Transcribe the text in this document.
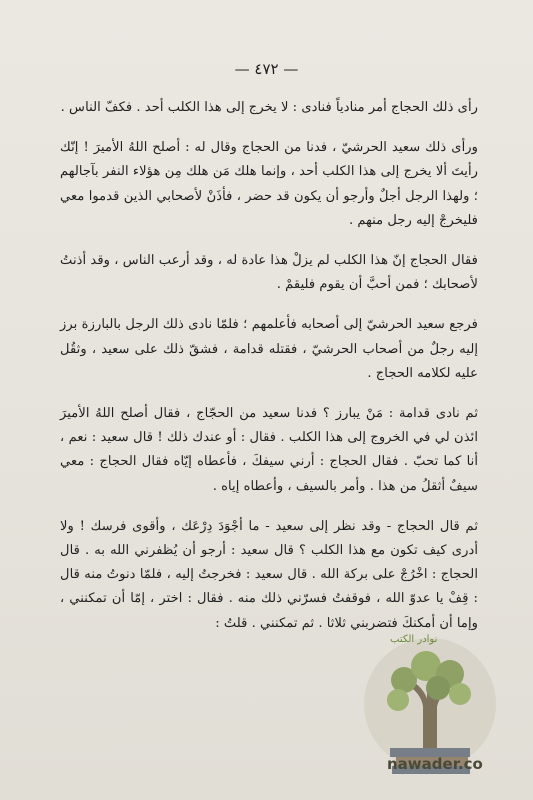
— ٤٧٢ —

رأى ذلك الحجاج أمر منادياً فنادى : لا يخرج إلى هذا الكلب أحد . فكفّ الناس .

ورأى ذلك سعيد الحرشيّ ، فدنا من الحجاج وقال له : أصلح اللهُ الأميرَ ! إنّك رأيتَ ألا يخرج إلى هذا الكلب أحد ، وإنما هلك مَن هلك مِن هؤلاء النفر بآجالهم ؛ ولهذا الرجل أجلٌ وأرجو أن يكون قد حضر ، فأذَنْ لأصحابي الذين قدموا معي فليخرجْ إليه رجل منهم .

فقال الحجاج إنّ هذا الكلب لم يزلْ هذا عادة له ، وقد أرعب الناس ، وقد أذنتُ لأصحابك ؛ فمن أحبَّ أن يقوم فليقمْ .

فرجع سعيد الحرشيّ إلى أصحابه فأعلمهم ؛ فلمّا نادى ذلك الرجل بالبارزة برز إليه رجلٌ من أصحاب الحرشيّ ، فقتله قدامة ، فشقّ ذلك على سعيد ، وثقُل عليه لكلامه الحجاج .

ثم نادى قدامة : مَنْ يبارز ؟ فدنا سعيد من الحجّاج ، فقال أصلح اللهُ الأميرَ ائذن لي في الخروج إلى هذا الكلب . فقال : أو عندك ذلك ! قال سعيد : نعم ، أنا كما تحبّ . فقال الحجاج : أرني سيفكَ ، فأعطاه إيّاه فقال الحجاج : معي سيفٌ أثقلُ من هذا . وأمر بالسيف ، وأعطاه إياه .

ثم قال الحجاج - وقد نظر إلى سعيد - ما أجْوَدَ دِرْعَك ، وأقوى فرسك ! ولا أدرى كيف تكون مع هذا الكلب ؟ قال سعيد : أرجو أن يُظفرني الله به . قال الحجاج : اخْرُجْ على بركة الله . قال سعيد : فخرجتُ إليه ، فلمّا دنوتُ منه قال : قِفْ يا عدوّ الله ، فوقفتُ فسرّني ذلك منه . فقال : اختر ، إمّا أن تمكنني ، وإما أن أمكنكَ فتضربني ثلاثا . ثم تمكنني . قلتُ :

نوادر الكتب
nawader.co
